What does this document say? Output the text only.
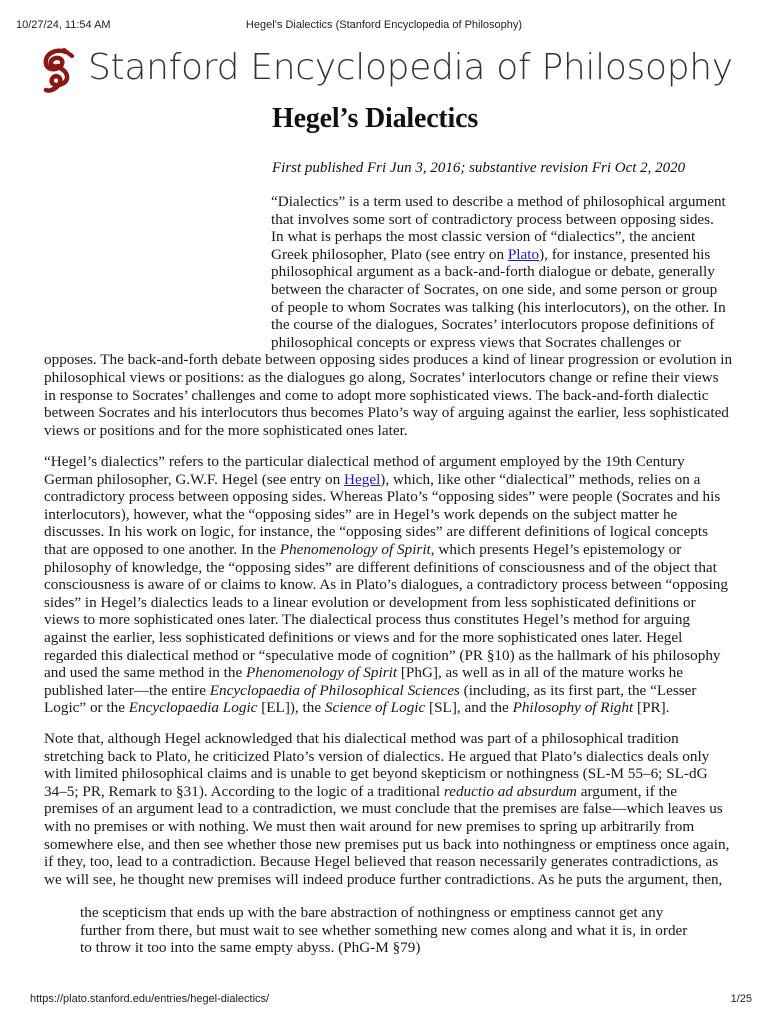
10/27/24, 11:54 AM	Hegel’s Dialectics (Stanford Encyclopedia of Philosophy)
Stanford Encyclopedia of Philosophy
Hegel’s Dialectics
First published Fri Jun 3, 2016; substantive revision Fri Oct 2, 2020
“Dialectics” is a term used to describe a method of philosophical argument
that involves some sort of contradictory process between opposing sides.
In what is perhaps the most classic version of “dialectics”, the ancient
Greek philosopher, Plato (see entry on Plato), for instance, presented his
philosophical argument as a back-and-forth dialogue or debate, generally
between the character of Socrates, on one side, and some person or group
of people to whom Socrates was talking (his interlocutors), on the other. In
the course of the dialogues, Socrates’ interlocutors propose definitions of
philosophical concepts or express views that Socrates challenges or
opposes. The back-and-forth debate between opposing sides produces a kind of linear progression or evolution in
philosophical views or positions: as the dialogues go along, Socrates’ interlocutors change or refine their views
in response to Socrates’ challenges and come to adopt more sophisticated views. The back-and-forth dialectic
between Socrates and his interlocutors thus becomes Plato’s way of arguing against the earlier, less sophisticated
views or positions and for the more sophisticated ones later.
“Hegel’s dialectics” refers to the particular dialectical method of argument employed by the 19th Century
German philosopher, G.W.F. Hegel (see entry on Hegel), which, like other “dialectical” methods, relies on a
contradictory process between opposing sides. Whereas Plato’s “opposing sides” were people (Socrates and his
interlocutors), however, what the “opposing sides” are in Hegel’s work depends on the subject matter he
discusses. In his work on logic, for instance, the “opposing sides” are different definitions of logical concepts
that are opposed to one another. In the Phenomenology of Spirit, which presents Hegel’s epistemology or
philosophy of knowledge, the “opposing sides” are different definitions of consciousness and of the object that
consciousness is aware of or claims to know. As in Plato’s dialogues, a contradictory process between “opposing
sides” in Hegel’s dialectics leads to a linear evolution or development from less sophisticated definitions or
views to more sophisticated ones later. The dialectical process thus constitutes Hegel’s method for arguing
against the earlier, less sophisticated definitions or views and for the more sophisticated ones later. Hegel
regarded this dialectical method or “speculative mode of cognition” (PR §10) as the hallmark of his philosophy
and used the same method in the Phenomenology of Spirit [PhG], as well as in all of the mature works he
published later—the entire Encyclopaedia of Philosophical Sciences (including, as its first part, the “Lesser
Logic” or the Encyclopaedia Logic [EL]), the Science of Logic [SL], and the Philosophy of Right [PR].
Note that, although Hegel acknowledged that his dialectical method was part of a philosophical tradition
stretching back to Plato, he criticized Plato’s version of dialectics. He argued that Plato’s dialectics deals only
with limited philosophical claims and is unable to get beyond skepticism or nothingness (SL-M 55–6; SL-dG
34–5; PR, Remark to §31). According to the logic of a traditional reductio ad absurdum argument, if the
premises of an argument lead to a contradiction, we must conclude that the premises are false—which leaves us
with no premises or with nothing. We must then wait around for new premises to spring up arbitrarily from
somewhere else, and then see whether those new premises put us back into nothingness or emptiness once again,
if they, too, lead to a contradiction. Because Hegel believed that reason necessarily generates contradictions, as
we will see, he thought new premises will indeed produce further contradictions. As he puts the argument, then,
the scepticism that ends up with the bare abstraction of nothingness or emptiness cannot get any
further from there, but must wait to see whether something new comes along and what it is, in order
to throw it too into the same empty abyss. (PhG-M §79)
https://plato.stanford.edu/entries/hegel-dialectics/	1/25
